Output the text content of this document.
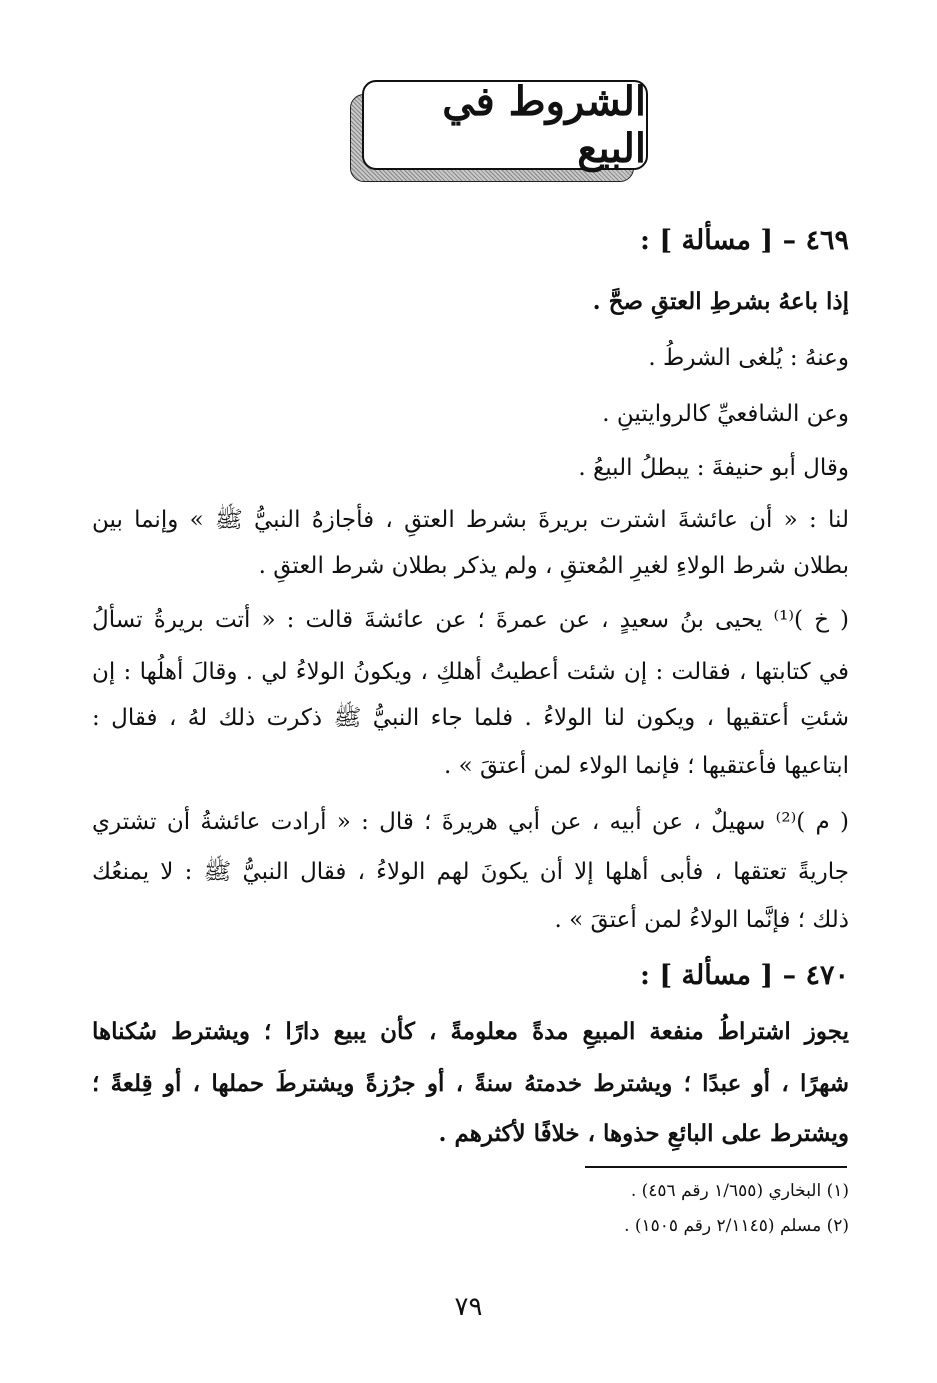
الشروط في البيع
٤٦٩ – [ مسألة ] :
إذا باعهُ بشرطِ العتقِ صحَّ .
وعنهُ : يُلغى الشرطُ .
وعن الشافعيِّ كالروايتينِ .
وقال أبو حنيفةَ : يبطلُ البيعُ .
لنا : « أن عائشةَ اشترت بريرةَ بشرط العتقِ ، فأجازهُ النبيُّ ﷺ » وإنما بين
بطلان شرط الولاءِ لغيرِ المُعتقِ ، ولم يذكر بطلان شرط العتقِ .
( خ )⁽¹⁾ يحيى بنُ سعيدٍ ، عن عمرةَ ؛ عن عائشةَ قالت : « أتت بريرةُ تسألُ
في كتابتها ، فقالت : إن شئت أعطيتُ أهلكِ ، ويكونُ الولاءُ لي . وقالَ أهلُها : إن
شئتِ أعتقيها ، ويكون لنا الولاءُ . فلما جاء النبيُّ ﷺ ذكرت ذلك لهُ ، فقال :
ابتاعيها فأعتقيها ؛ فإنما الولاء لمن أعتقَ » .
( م )⁽²⁾ سهيلٌ ، عن أبيه ، عن أبي هريرةَ ؛ قال : « أرادت عائشةُ أن تشتري
جاريةً تعتقها ، فأبى أهلها إلا أن يكونَ لهم الولاءُ ، فقال النبيُّ ﷺ : لا يمنعُك
ذلك ؛ فإنَّما الولاءُ لمن أعتقَ » .
٤٧٠ – [ مسألة ] :
يجوز اشتراطُ منفعة المبيعِ مدةً معلومةً ، كأن يبيع دارًا ؛ ويشترط سُكناها
شهرًا ، أو عبدًا ؛ ويشترط خدمتهُ سنةً ، أو جرُزةً ويشترطَ حملها ، أو قِلعةً ؛
ويشترط على البائعِ حذوها ، خلافًا لأكثرهم .
(١) البخاري (١/٦٥٥ رقم ٤٥٦) .
(٢) مسلم (٢/١١٤٥ رقم ١٥٠٥) .
٧٩
